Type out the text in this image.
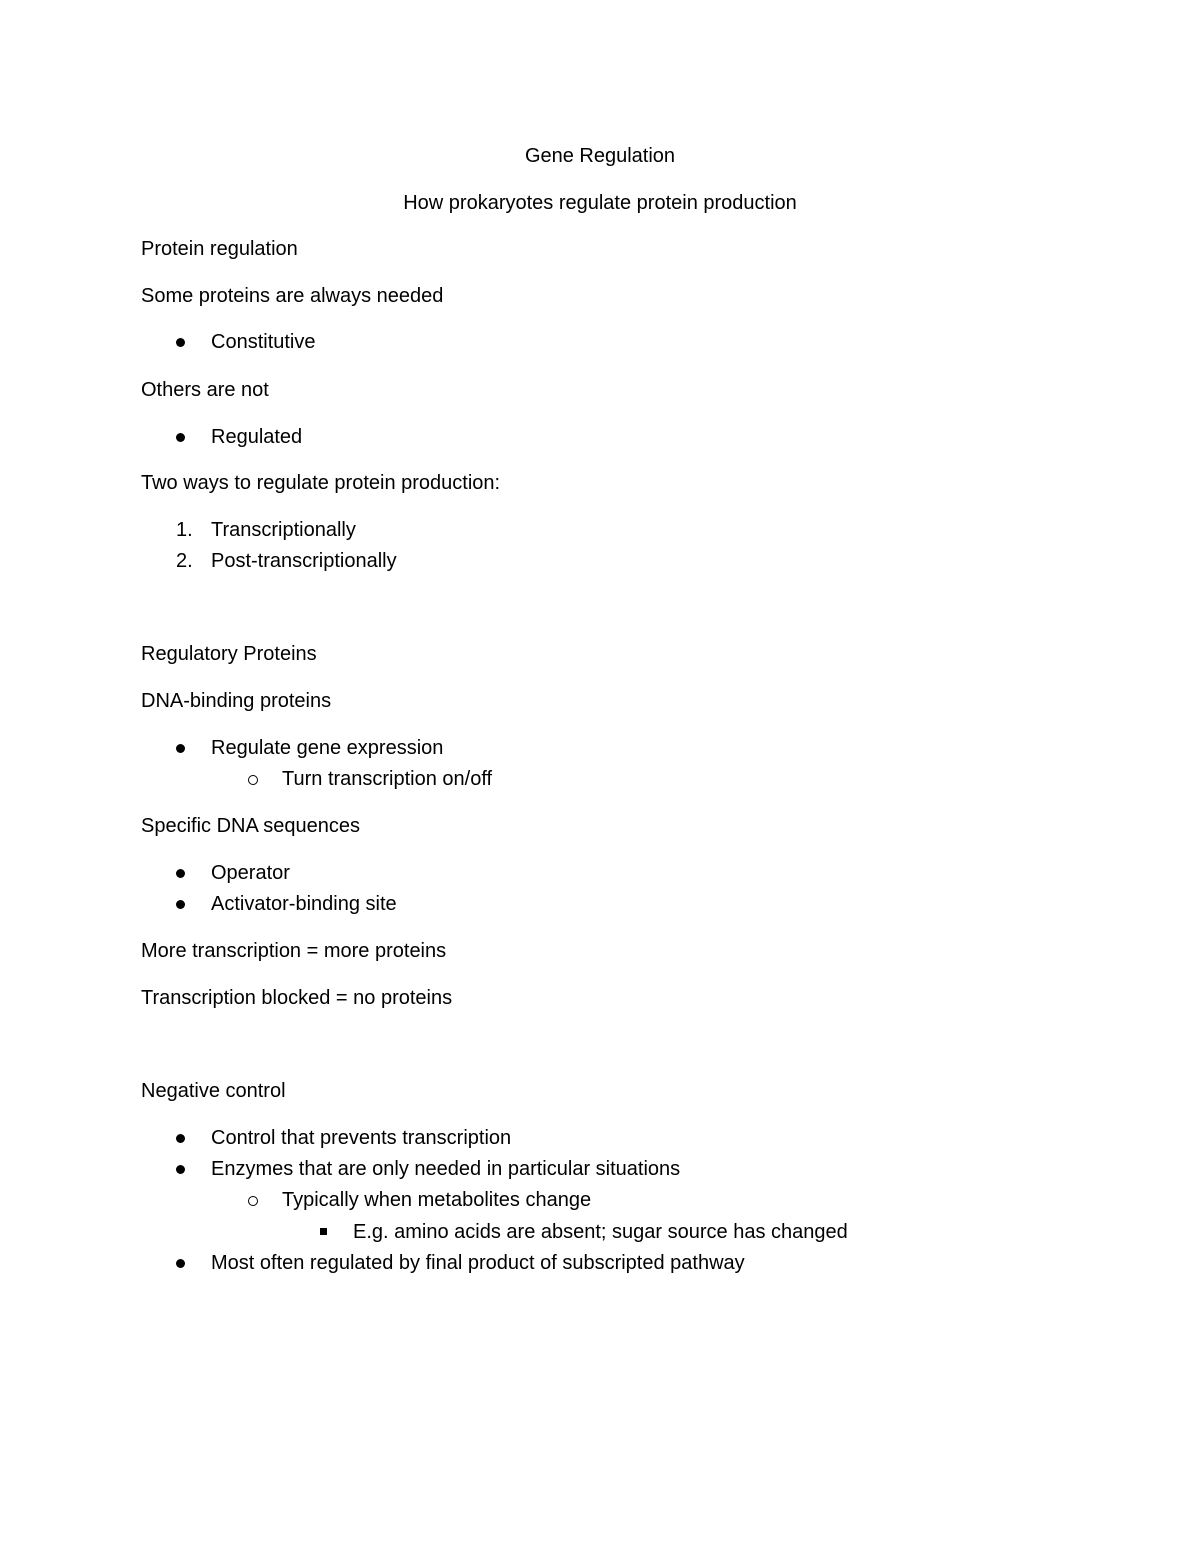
Gene Regulation
How prokaryotes regulate protein production
Protein regulation
Some proteins are always needed
Constitutive
Others are not
Regulated
Two ways to regulate protein production:
1. Transcriptionally
2. Post-transcriptionally
Regulatory Proteins
DNA-binding proteins
Regulate gene expression
Turn transcription on/off
Specific DNA sequences
Operator
Activator-binding site
More transcription = more proteins
Transcription blocked = no proteins
Negative control
Control that prevents transcription
Enzymes that are only needed in particular situations
Typically when metabolites change
E.g. amino acids are absent; sugar source has changed
Most often regulated by final product of subscripted pathway
